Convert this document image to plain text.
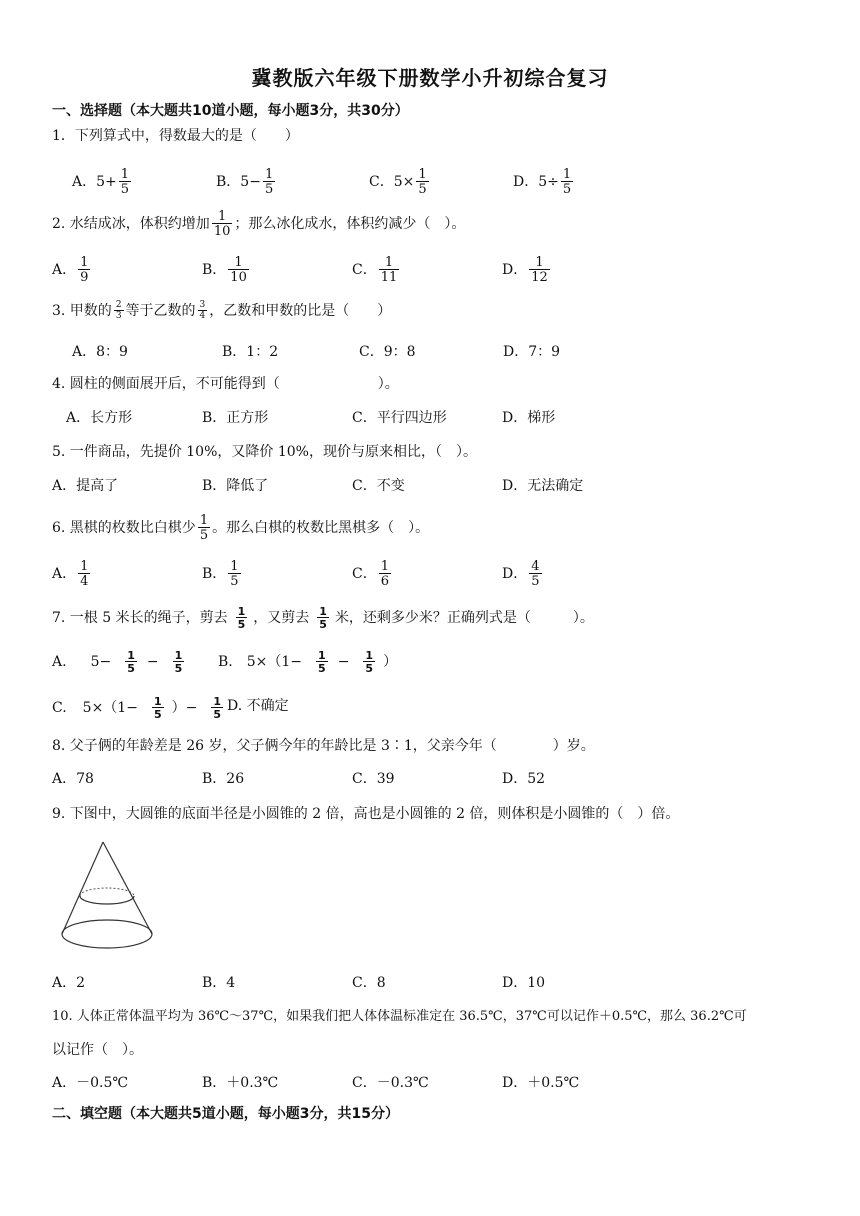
冀教版六年级下册数学小升初综合复习
一、选择题（本大题共10道小题，每小题3分，共30分）
1．下列算式中，得数最大的是（　　）
A．$5+ \frac{1}{5}$	B．$5- \frac{1}{5}$	C．$5\times \frac{1}{5}$	D．$5\div \frac{1}{5}$
2. 水结成冰，体积约增加 $\frac{1}{10}$ ；那么冰化成水，体积约减少（　）。
A． $\frac{1}{9}$	B． $\frac{1}{10}$	C． $\frac{1}{11}$	D． $\frac{1}{12}$
3. 甲数的 $\frac{2}{3}$ 等于乙数的 $\frac{3}{4}$ ，乙数和甲数的比是（　　）
A．8：9	B．1：2	C．9：8	D．7：9
4. 圆柱的侧面展开后，不可能得到（　　　　　　　）。
A．长方形	B．正方形	C．平行四边形	D．梯形
5. 一件商品，先提价 10%，又降价 10%，现价与原来相比，（　）。
A．提高了	B．降低了	C．不变	D．无法确定
6. 黑棋的枚数比白棋少 $\frac{1}{5}$ 。那么白棋的枚数比黑棋多（　）。
A． $\frac{1}{4}$	B． $\frac{1}{5}$	C． $\frac{1}{6}$	D． $\frac{4}{5}$
7. 一根 5 米长的绳子，剪去 $\frac{1}{5}$ ，又剪去 $\frac{1}{5}$ 米，还剩多少米？正确列式是（　　　）。
A. $5- \frac{1}{5} - \frac{1}{5} B$. $5\times(1- \frac{1}{5} - \frac{1}{5}$ ）
C. $5\times(1- \frac{1}{5}$ ）− $\frac{1}{5} D$. 不确定
8. 父子俩的年龄差是 26 岁，父子俩今年的年龄比是 3∶1，父亲今年（　　　　）岁。
A．78	B．26	C．39	D．52
9. 下图中，大圆锥的底面半径是小圆锥的 2 倍，高也是小圆锥的 2 倍，则体积是小圆锥的（　）倍。
A．2	B．4	C．8	D．10
10. 人体正常体温平均为 36℃～37℃，如果我们把人体体温标准定在 36.5℃，37℃可以记作＋0.5℃，那么 36.2℃可
以记作（　）。
A．－0.5℃	B．＋0.3℃	C．－0.3℃	D．＋0.5℃
二、填空题（本大题共5道小题，每小题3分，共15分）
